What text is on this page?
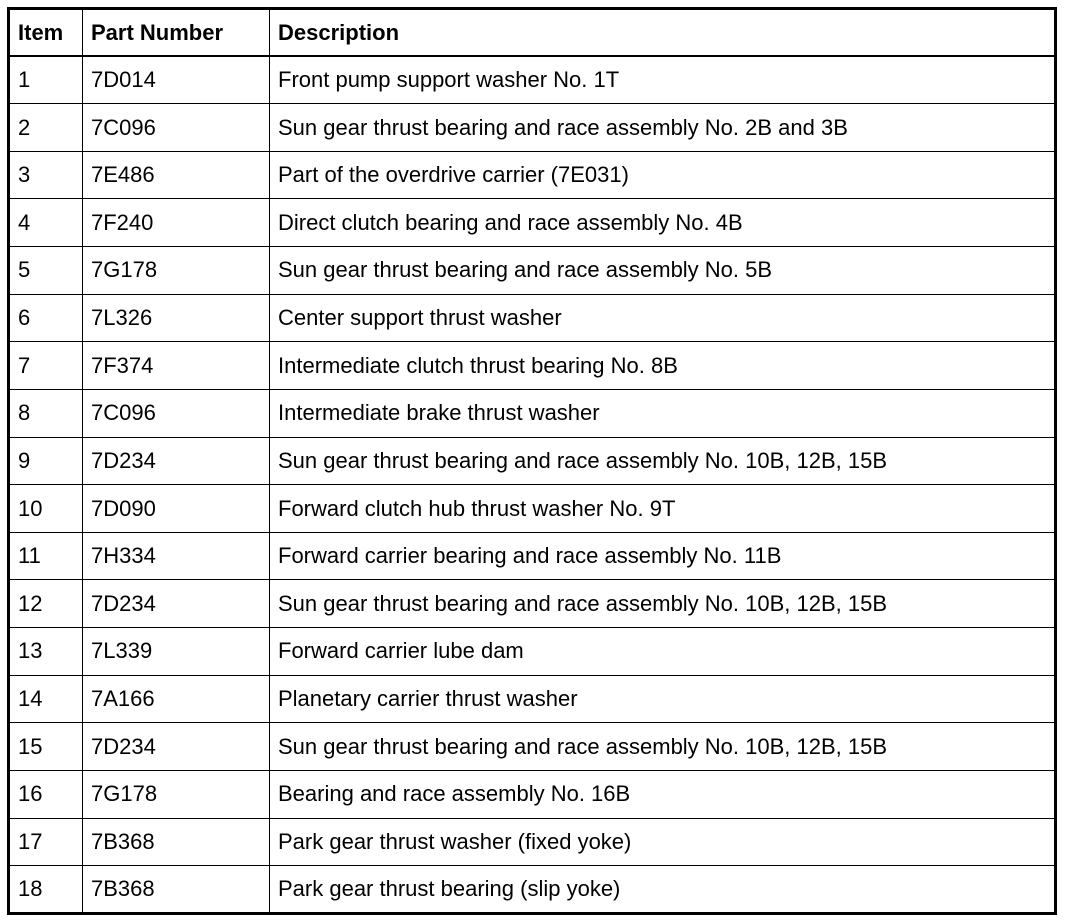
Item	Part Number	Description
1	7D014	Front pump support washer No. 1T
2	7C096	Sun gear thrust bearing and race assembly No. 2B and 3B
3	7E486	Part of the overdrive carrier (7E031)
4	7F240	Direct clutch bearing and race assembly No. 4B
5	7G178	Sun gear thrust bearing and race assembly No. 5B
6	7L326	Center support thrust washer
7	7F374	Intermediate clutch thrust bearing No. 8B
8	7C096	Intermediate brake thrust washer
9	7D234	Sun gear thrust bearing and race assembly No. 10B, 12B, 15B
10	7D090	Forward clutch hub thrust washer No. 9T
11	7H334	Forward carrier bearing and race assembly No. 11B
12	7D234	Sun gear thrust bearing and race assembly No. 10B, 12B, 15B
13	7L339	Forward carrier lube dam
14	7A166	Planetary carrier thrust washer
15	7D234	Sun gear thrust bearing and race assembly No. 10B, 12B, 15B
16	7G178	Bearing and race assembly No. 16B
17	7B368	Park gear thrust washer (fixed yoke)
18	7B368	Park gear thrust bearing (slip yoke)
